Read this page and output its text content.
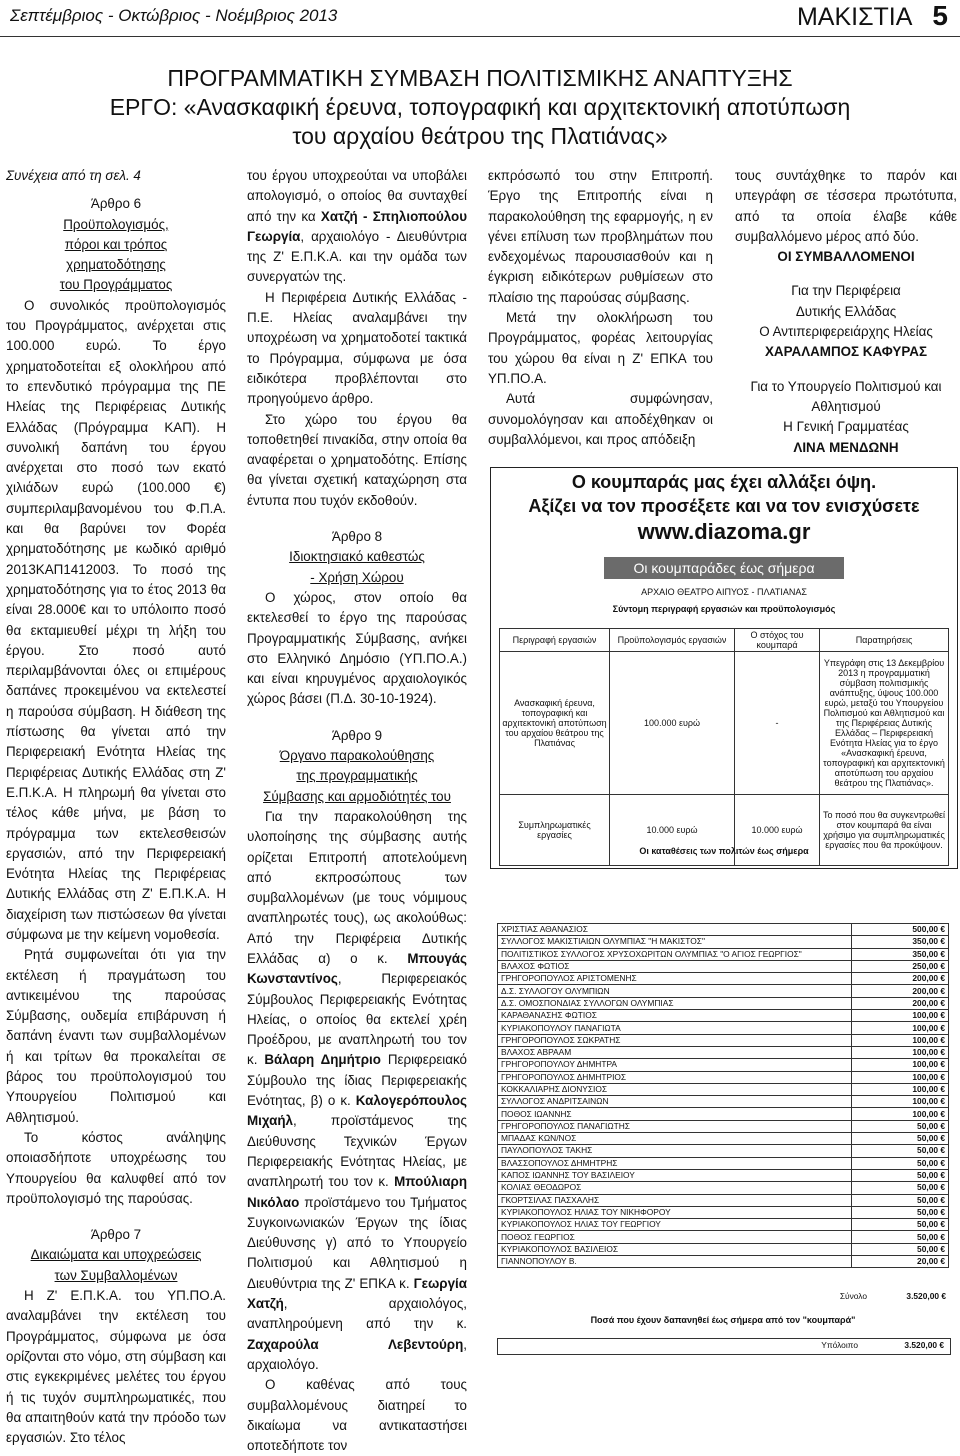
Σεπτέμβριος - Οκτώβριος - Νοέμβριος 2013	ΜΑΚΙΣΤΙΑ 5
ΠΡΟΓΡΑΜΜΑΤΙΚΗ ΣΥΜΒΑΣΗ ΠΟΛΙΤΙΣΜΙΚΗΣ ΑΝΑΠΤΥΞΗΣ
ΕΡΓΟ: «Ανασκαφική έρευνα, τοπογραφική και αρχιτεκτονική αποτύπωση
του αρχαίου θεάτρου της Πλατιάνας»

Συνέχεια από τη σελ. 4

Άρθρο 6

Προϋπολογισμός,

πόροι και τρόπος

χρηματοδότησης

του Προγράμματος

Ο συνολικός προϋπολογισμός του Προγράμματος, ανέρχεται στις 100.000 ευρώ. Το έργο χρηματοδοτείται εξ ολοκλήρου από το επενδυτικό πρόγραμμα της ΠΕ Ηλείας της Περιφέρειας Δυτικής Ελλάδας (Πρόγραμμα ΚΑΠ). Η συνολική δαπάνη του έργου ανέρχεται στο ποσό των εκατό χιλιάδων ευρώ (100.000 €) συμπεριλαμβανομένου του Φ.Π.Α. και θα βαρύνει τον Φορέα χρηματοδότησης με κωδικό αριθμό 2013ΚΑΠ1412003. Το ποσό της χρηματοδότησης για το έτος 2013 θα είναι 28.000€ και το υπόλοιπο ποσό θα εκταμιευθεί μέχρι τη λήξη του έργου. Στο ποσό αυτό περιλαμβάνονται όλες οι επιμέρους δαπάνες προκειμένου να εκτελεστεί η παρούσα σύμβαση. Η διάθεση της πίστωσης θα γίνεται από την Περιφερειακή Ενότητα Ηλείας της Περιφέρειας Δυτικής Ελλάδας στη Ζ' Ε.Π.Κ.Α. Η πληρωμή θα γίνεται στο τέλος κάθε μήνα, με βάση το πρόγραμμα των εκτελεσθεισών εργασιών, από την Περιφερειακή Ενότητα Ηλείας της Περιφέρειας Δυτικής Ελλάδας στη Ζ' Ε.Π.Κ.Α. Η διαχείριση των πιστώσεων θα γίνεται σύμφωνα με την κείμενη νομοθεσία.

Ρητά συμφωνείται ότι για την εκτέλεση ή πραγμάτωση του αντικειμένου της παρούσας Σύμβασης, ουδεμία επιβάρυνση ή δαπάνη έναντι των συμβαλλομένων ή και τρίτων θα προκαλείται σε βάρος του προϋπολογισμού του Υπουργείου Πολιτισμού και Αθλητισμού.

Το κόστος ανάληψης οποιασδήποτε υποχρέωσης του Υπουργείου θα καλυφθεί από τον προϋπολογισμό της παρούσας.

Άρθρο 7

Δικαιώματα και υποχρεώσεις

των Συμβαλλομένων

Η Ζ' Ε.Π.Κ.Α. του ΥΠ.ΠΟ.Α. αναλαμβάνει την εκτέλεση του Προγράμματος, σύμφωνα με όσα ορίζονται στο νόμο, στη σύμβαση και στις εγκεκριμένες μελέτες του έργου ή τις τυχόν συμπληρωματικές, που θα απαιτηθούν κατά την πρόοδο των εργασιών. Στο τέλος

του έργου υποχρεούται να υποβάλει απολογισμό, ο οποίος θα συνταχθεί από την κα Χατζή - Σπηλιοπούλου Γεωργία, αρχαιολόγο - Διευθύντρια της Ζ' Ε.Π.Κ.Α. και την ομάδα των συνεργατών της.

Η Περιφέρεια Δυτικής Ελλάδας - Π.Ε. Ηλείας αναλαμβάνει την υποχρέωση να χρηματοδοτεί τακτικά το Πρόγραμμα, σύμφωνα με όσα ειδικότερα προβλέπονται στο προηγούμενο άρθρο.

Στο χώρο του έργου θα τοποθετηθεί πινακίδα, στην οποία θα αναφέρεται ο χρηματοδότης. Επίσης θα γίνεται σχετική καταχώρηση στα έντυπα που τυχόν εκδοθούν.

Άρθρο 8

Ιδιοκτησιακό καθεστώς

- Χρήση Χώρου

Ο χώρος, στον οποίο θα εκτελεσθεί το έργο της παρούσας Προγραμματικής Σύμβασης, ανήκει στο Ελληνικό Δημόσιο (ΥΠ.ΠΟ.Α.) και είναι κηρυγμένος αρχαιολογικός χώρος βάσει (Π.Δ. 30-10-1924).

Άρθρο 9

Όργανο παρακολούθησης

της προγραμματικής

Σύμβασης και αρμοδιότητές του

Για την παρακολούθηση της υλοποίησης της σύμβασης αυτής ορίζεται Επιτροπή αποτελούμενη από εκπροσώπους των συμβαλλομένων (με τους νόμιμους αναπληρωτές τους), ως ακολούθως: Από την Περιφέρεια Δυτικής Ελλάδας α) ο κ. Μπουγάς Κωνσταντίνος, Περιφερειακός Σύμβουλος Περιφερειακής Ενότητας Ηλείας, ο οποίος θα εκτελεί χρέη Προέδρου, με αναπληρωτή του τον κ. Βάλαρη Δημήτριο Περιφερειακό Σύμβουλο της ίδιας Περιφερειακής Ενότητας, β) ο κ. Καλογερόπουλος Μιχαήλ, προϊστάμενος της Διεύθυνσης Τεχνικών Έργων Περιφερειακής Ενότητας Ηλείας, με αναπληρωτή του τον κ. Μπούλιαρη Νικόλαο προϊστάμενο του Τμήματος Συγκοινωνιακών Έργων της ίδιας Διεύθυνσης γ) από το Υπουργείο Πολιτισμού και Αθλητισμού η Διευθύντρια της Ζ' ΕΠΚΑ κ. Γεωργία Χατζή, αρχαιολόγος, αναπληρούμενη από την κ. Ζαχαρούλα Λεβεντούρη, αρχαιολόγο.

Ο καθένας από τους συμβαλλομένους διατηρεί το δικαίωμα να αντικαταστήσει οποτεδήποτε τον

εκπρόσωπό του στην Επιτροπή. Έργο της Επιτροπής είναι η παρακολούθηση της εφαρμογής, η εν γένει επίλυση των προβλημάτων που ενδεχομένως παρουσιασθούν και η έγκριση ειδικότερων ρυθμίσεων στο πλαίσιο της παρούσας σύμβασης.

Μετά την ολοκλήρωση του Προγράμματος, φορέας λειτουργίας του χώρου θα είναι η Ζ' ΕΠΚΑ του ΥΠ.ΠΟ.Α.

Αυτά συμφώνησαν, συνομολόγησαν και αποδέχθηκαν οι συμβαλλόμενοι, και προς απόδειξη

τους συντάχθηκε το παρόν και υπεγράφη σε τέσσερα πρωτότυπα, από τα οποία έλαβε κάθε συμβαλλόμενο μέρος από δύο.

ΟΙ ΣΥΜΒΑΛΛΟΜΕΝΟΙ

Για την Περιφέρεια

Δυτικής Ελλάδας

Ο Αντιπεριφερειάρχης Ηλείας

ΧΑΡΑΛΑΜΠΟΣ ΚΑΦΥΡΑΣ

Για το Υπουργείο Πολιτισμού και

Αθλητισμού

Η Γενική Γραμματέας

ΛΙΝΑ ΜΕΝΔΩΝΗ

Ο κουμπαράς μας έχει αλλάξει όψη.
Αξίζει να τον προσέξετε και να τον ενισχύσετε
www.diazoma.gr
Οι κουμπαράδες έως σήμερα
ΑΡΧΑΙΟ ΘΕΑΤΡΟ ΑΙΠΥΟΣ - ΠΛΑΤΙΑΝΑΣ
Σύντομη περιγραφή εργασιών και προϋπολογισμός
Περιγραφή εργασιών	Προϋπολογισμός εργασιών	Ο στόχος του κουμπαρά	Παρατηρήσεις
Ανασκαφική έρευνα, τοπογραφική και αρχιτεκτονική αποτύπωση του αρχαίου θεάτρου της Πλατιάνας	100.000 ευρώ	-	Υπεγράφη στις 13 Δεκεμβρίου 2013 η προγραμματική σύμβαση πολιτισμικής ανάπτυξης, ύψους 100.000 ευρώ, μεταξύ του Υπουργείου Πολιτισμού και Αθλητισμού και της Περιφέρειας Δυτικής Ελλάδας – Περιφερειακή Ενότητα Ηλείας για το έργο «Ανασκαφική έρευνα, τοπογραφική και αρχιτεκτονική αποτύπωση του αρχαίου θεάτρου της Πλατιάνας».
Συμπληρωματικές εργασίες	10.000 ευρώ	10.000 ευρώ	Το ποσό που θα συγκεντρωθεί στον κουμπαρά θα είναι χρήσιμο για συμπληρωματικές εργασίες που θα προκύψουν.
Οι καταθέσεις των πολιτών έως σήμερα
ΧΡΙΣΤΙΑΣ ΑΘΑΝΑΣΙΟΣ	500,00 €
ΣΥΛΛΟΓΟΣ ΜΑΚΙΣΤΙΑΙΩΝ ΟΛΥΜΠΙΑΣ "Η ΜΑΚΙΣΤΟΣ"	350,00 €
ΠΟΛΙΤΙΣΤΙΚΟΣ ΣΥΛΛΟΓΟΣ ΧΡΥΣΟΧΩΡΙΤΩΝ ΟΛΥΜΠΙΑΣ "Ο ΑΓΙΟΣ ΓΕΩΡΓΙΟΣ"	350,00 €
ΒΛΑΧΟΣ ΦΩΤΙΟΣ	250,00 €
ΓΡΗΓΟΡΟΠΟΥΛΟΣ ΑΡΙΣΤΟΜΕΝΗΣ	200,00 €
Δ.Σ. ΣΥΛΛΟΓΟΥ ΟΛΥΜΠΙΩΝ	200,00 €
Δ.Σ. ΟΜΟΣΠΟΝΔΙΑΣ ΣΥΛΛΟΓΩΝ ΟΛΥΜΠΙΑΣ	200,00 €
ΚΑΡΑΘΑΝΑΣΗΣ ΦΩΤΙΟΣ	100,00 €
ΚΥΡΙΑΚΟΠΟΥΛΟΥ ΠΑΝΑΓΙΩΤΑ	100,00 €
ΓΡΗΓΟΡΟΠΟΥΛΟΣ ΣΩΚΡΑΤΗΣ	100,00 €
ΒΛΑΧΟΣ ΑΒΡΑΑΜ	100,00 €
ΓΡΗΓΟΡΟΠΟΥΛΟΥ ΔΗΜΗΤΡΑ	100,00 €
ΓΡΗΓΟΡΟΠΟΥΛΟΣ ΔΗΜΗΤΡΙΟΣ	100,00 €
ΚΟΚΚΑΛΙΑΡΗΣ ΔΙΟΝΥΣΙΟΣ	100,00 €
ΣΥΛΛΟΓΟΣ ΑΝΔΡΙΤΣΑΙΝΩΝ	100,00 €
ΠΟΘΟΣ ΙΩΑΝΝΗΣ	100,00 €
ΓΡΗΓΟΡΟΠΟΥΛΟΣ ΠΑΝΑΓΙΩΤΗΣ	50,00 €
ΜΠΑΔΑΣ ΚΩΝ/ΝΟΣ	50,00 €
ΠΑΥΛΟΠΟΥΛΟΣ ΤΑΚΗΣ	50,00 €
ΒΛΑΣΣΟΠΟΥΛΟΣ ΔΗΜΗΤΡΗΣ	50,00 €
ΚΑΠΟΣ ΙΩΑΝΝΗΣ ΤΟΥ ΒΑΣΙΛΕΙΟΥ	50,00 €
ΚΟΛΙΑΣ ΘΕΟΔΩΡΟΣ	50,00 €
ΓΚΟΡΤΣΙΛΑΣ ΠΑΣΧΑΛΗΣ	50,00 €
ΚΥΡΙΑΚΟΠΟΥΛΟΣ ΗΛΙΑΣ ΤΟΥ ΝΙΚΗΦΟΡΟΥ	50,00 €
ΚΥΡΙΑΚΟΠΟΥΛΟΣ ΗΛΙΑΣ ΤΟΥ ΓΕΩΡΓΙΟΥ	50,00 €
ΠΟΘΟΣ ΓΕΩΡΓΙΟΣ	50,00 €
ΚΥΡΙΑΚΟΠΟΥΛΟΣ ΒΑΣΙΛΕΙΟΣ	50,00 €
ΓΙΑΝΝΟΠΟΥΛΟΥ Β.	20,00 €
Σύνολο	3.520,00 €
Ποσά που έχουν δαπανηθεί έως σήμερα από τον "κουμπαρά"
Υπόλοιπο	3.520,00 €
